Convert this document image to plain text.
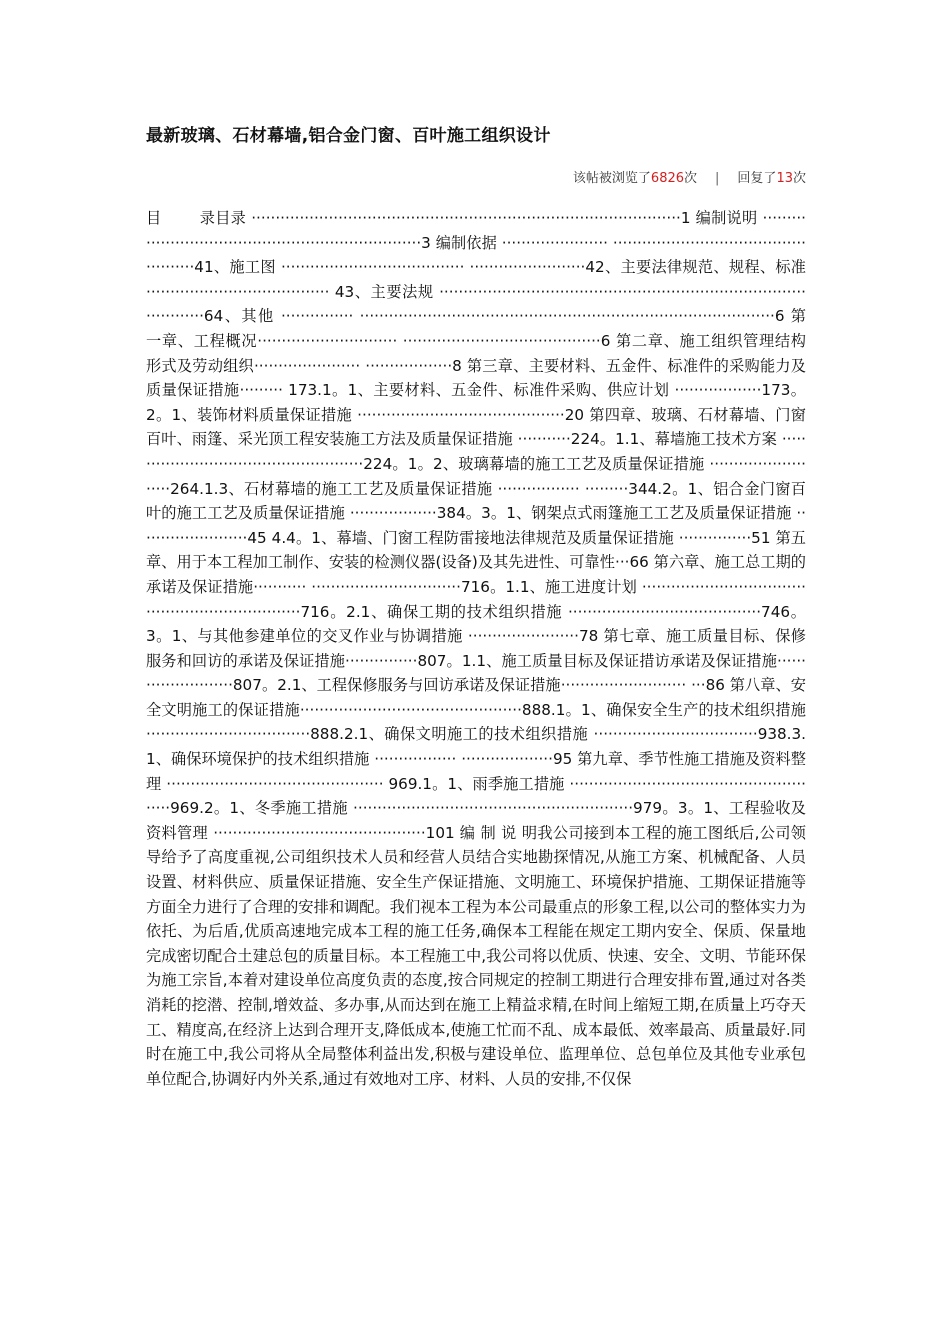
最新玻璃、石材幕墙,铝合金门窗、百叶施工组织设计
该帖被浏览了6826次 | 回复了13次
目	录目录 ·························································································1 编制说明 ··································································3 编制依据 ······················ ··················································41、施工图 ······································ ························42、主要法律规范、规程、标准 ······································ 43、主要法规 ························································································64、其他 ··············· ······················································································6 第一章、工程概况····························· ·········································6 第二章、施工组织管理结构形式及劳动组织······················ ··················8 第三章、主要材料、五金件、标准件的采购能力及质量保证措施········· 173.1。1、主要材料、五金件、标准件采购、供应计划 ··················173。2。1、装饰材料质量保证措施 ···········································20 第四章、玻璃、石材幕墙、门窗百叶、雨篷、采光顶工程安装施工方法及质量保证措施 ···········224。1.1、幕墙施工技术方案 ··················································224。1。2、玻璃幕墙的施工工艺及质量保证措施 ·························264.1.3、石材幕墙的施工工艺及质量保证措施 ················· ·········344.2。1、铝合金门窗百叶的施工工艺及质量保证措施 ··················384。3。1、钢架点式雨篷施工工艺及质量保证措施 ·······················45 4.4。1、幕墙、门窗工程防雷接地法律规范及质量保证措施 ···············51 第五章、用于本工程加工制作、安装的检测仪器(设备)及其先进性、可靠性···66 第六章、施工总工期的承诺及保证措施··········· ·······························716。1.1、施工进度计划 ··································································716。2.1、确保工期的技术组织措施 ········································746。3。1、与其他参建单位的交叉作业与协调措施 ·······················78 第七章、施工质量目标、保修服务和回访的承诺及保证措施···············807。1.1、施工质量目标及保证措访承诺及保证措施························807。2.1、工程保修服务与回访承诺及保证措施·························· ···86 第八章、安全文明施工的保证措施··············································888.1。1、确保安全生产的技术组织措施 ··································888.2.1、确保文明施工的技术组织措施 ··································938.3.1、确保环境保护的技术组织措施 ················· ···················95 第九章、季节性施工措施及资料整理 ············································· 969.1。1、雨季施工措施 ······················································969.2。1、冬季施工措施 ··························································979。3。1、工程验收及资料管理 ············································101 编 制 说 明我公司接到本工程的施工图纸后,公司领导给予了高度重视,公司组织技术人员和经营人员结合实地勘探情况,从施工方案、机械配备、人员设置、材料供应、质量保证措施、安全生产保证措施、文明施工、环境保护措施、工期保证措施等方面全力进行了合理的安排和调配。我们视本工程为本公司最重点的形象工程,以公司的整体实力为依托、为后盾,优质高速地完成本工程的施工任务,确保本工程能在规定工期内安全、保质、保量地完成密切配合土建总包的质量目标。本工程施工中,我公司将以优质、快速、安全、文明、节能环保为施工宗旨,本着对建设单位高度负责的态度,按合同规定的控制工期进行合理安排布置,通过对各类消耗的挖潜、控制,增效益、多办事,从而达到在施工上精益求精,在时间上缩短工期,在质量上巧夺天工、精度高,在经济上达到合理开支,降低成本,使施工忙而不乱、成本最低、效率最高、质量最好.同时在施工中,我公司将从全局整体利益出发,积极与建设单位、监理单位、总包单位及其他专业承包单位配合,协调好内外关系,通过有效地对工序、材料、人员的安排,不仅保
